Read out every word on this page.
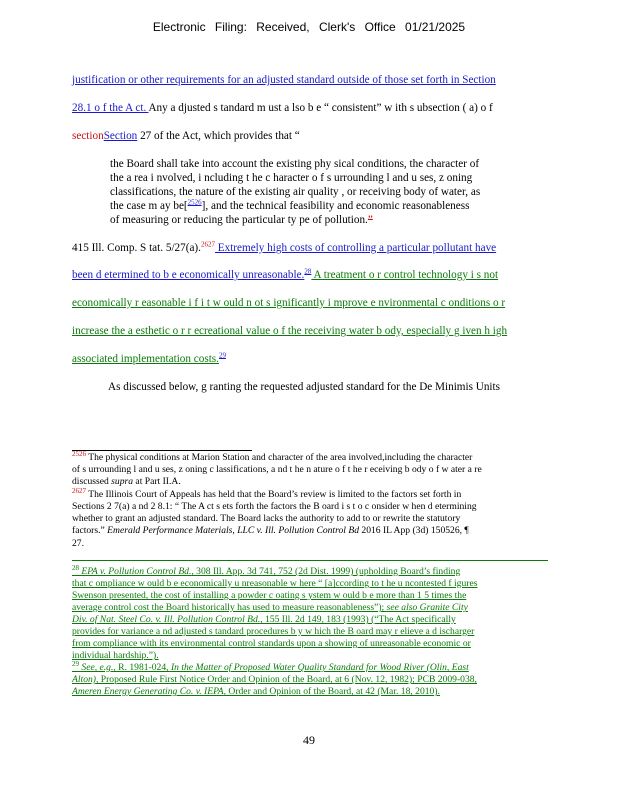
Electronic Filing: Received, Clerk's Office 01/21/2025
justification or other requirements for an adjusted standard outside of those set forth in Section
28.1 o f the A ct. Any a djusted s tandard m ust a lso b e “ consistent” w ith s ubsection ( a) o f
sectionSection 27 of the Act, which provides that “
the Board shall take into account the existing phy sical conditions, the character of
the a rea i nvolved, i ncluding t he c haracter o f s urrounding l and u ses, z oning
classifications, the nature of the existing air quality , or receiving body of water, as
the case m ay be[$^{2526}$], and the technical feasibility and economic reasonableness
of measuring or reducing the particular ty pe of pollution.”
415 Ill. Comp. S tat. 5/27(a).$^{2627}$ Extremely high costs of controlling a particular pollutant have
been d etermined to b e economically unreasonable.$^{28}$ A treatment o r control technology i s not
economically r easonable i f i t w ould n ot s ignificantly i mprove e nvironmental c onditions o r
increase the a esthetic o r r ecreational value o f the receiving water b ody, especially g iven h igh
associated implementation costs.$^{29}$
As discussed below, g ranting the requested adjusted standard for the De Minimis Units
$^{2526}$ The physical conditions at Marion Station and character of the area involved,including the character
of s urrounding l and u ses, z oning c lassifications, a nd t he n ature o f t he r eceiving b ody o f w ater a re
discussed supra at Part II.A.
$^{2627}$ The Illinois Court of Appeals has held that the Board’s review is limited to the factors set forth in
Sections 2 7(a) a nd 2 8.1: “ The A ct s ets forth the factors the B oard i s t o c onsider w hen d etermining
whether to grant an adjusted standard. The Board lacks the authority to add to or rewrite the statutory
factors.” Emerald Performance Materials, LLC v. Ill. Pollution Control Bd 2016 IL App (3d) 150526, ¶
27.
$^{28}$ EPA v. Pollution Control Bd., 308 Ill. App. 3d 741, 752 (2d Dist. 1999) (upholding Board’s finding
that c ompliance w ould b e economically u nreasonable w here “ [a]ccording to t he u ncontested f igures
Swenson presented, the cost of installing a powder c oating s ystem w ould b e more than 1 5 times the
average control cost the Board historically has used to measure reasonableness”); see also Granite City
Div. of Nat. Steel Co. v. Ill. Pollution Control Bd., 155 Ill. 2d 149, 183 (1993) (“The Act specifically
provides for variance a nd adjusted s tandard procedures b y w hich the B oard may r elieve a d ischarger
from compliance with its environmental control standards upon a showing of unreasonable economic or
individual hardship.”).
$^{29}$ See, e.g., R. 1981-024, In the Matter of Proposed Water Quality Standard for Wood River (Olin, East
Alton), Proposed Rule First Notice Order and Opinion of the Board, at 6 (Nov. 12, 1982); PCB 2009-038,
Ameren Energy Generating Co. v. IEPA, Order and Opinion of the Board, at 42 (Mar. 18, 2010).
49
